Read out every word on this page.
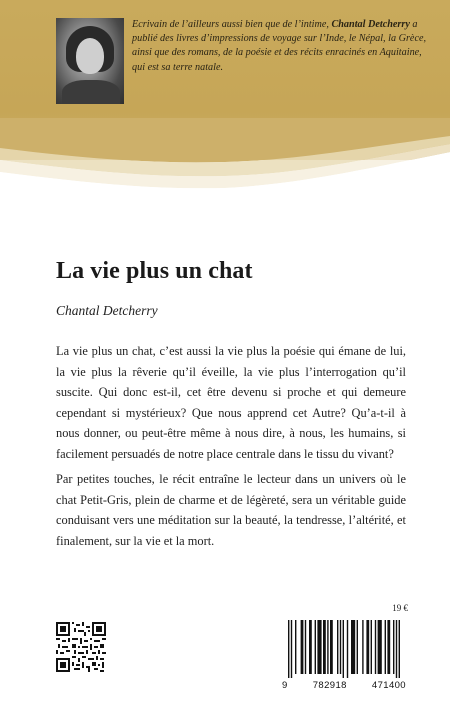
Ecrivain de l’ailleurs aussi bien que de l’intime, Chantal Detcherry a publié des livres d’impressions de voyage sur l’Inde, le Népal, la Grèce, ainsi que des romans, de la poésie et des récits enracinés en Aquitaine, qui est sa terre natale.

La vie plus un chat

Chantal Detcherry

La vie plus un chat, c’est aussi la vie plus la poésie qui émane de lui, la vie plus la rêverie qu’il éveille, la vie plus l’interrogation qu’il suscite. Qui donc est-il, cet être devenu si proche et qui demeure cependant si mystérieux? Que nous apprend cet Autre? Qu’a-t-il à nous donner, ou peut-être même à nous dire, à nous, les humains, si facilement persuadés de notre place centrale dans le tissu du vivant?

Par petites touches, le récit entraîne le lecteur dans un univers où le chat Petit-Gris, plein de charme et de légèreté, sera un véritable guide conduisant vers une méditation sur la beauté, la tendresse, l’altérité, et finalement, sur la vie et la mort.

19 €

9	782918	471400
